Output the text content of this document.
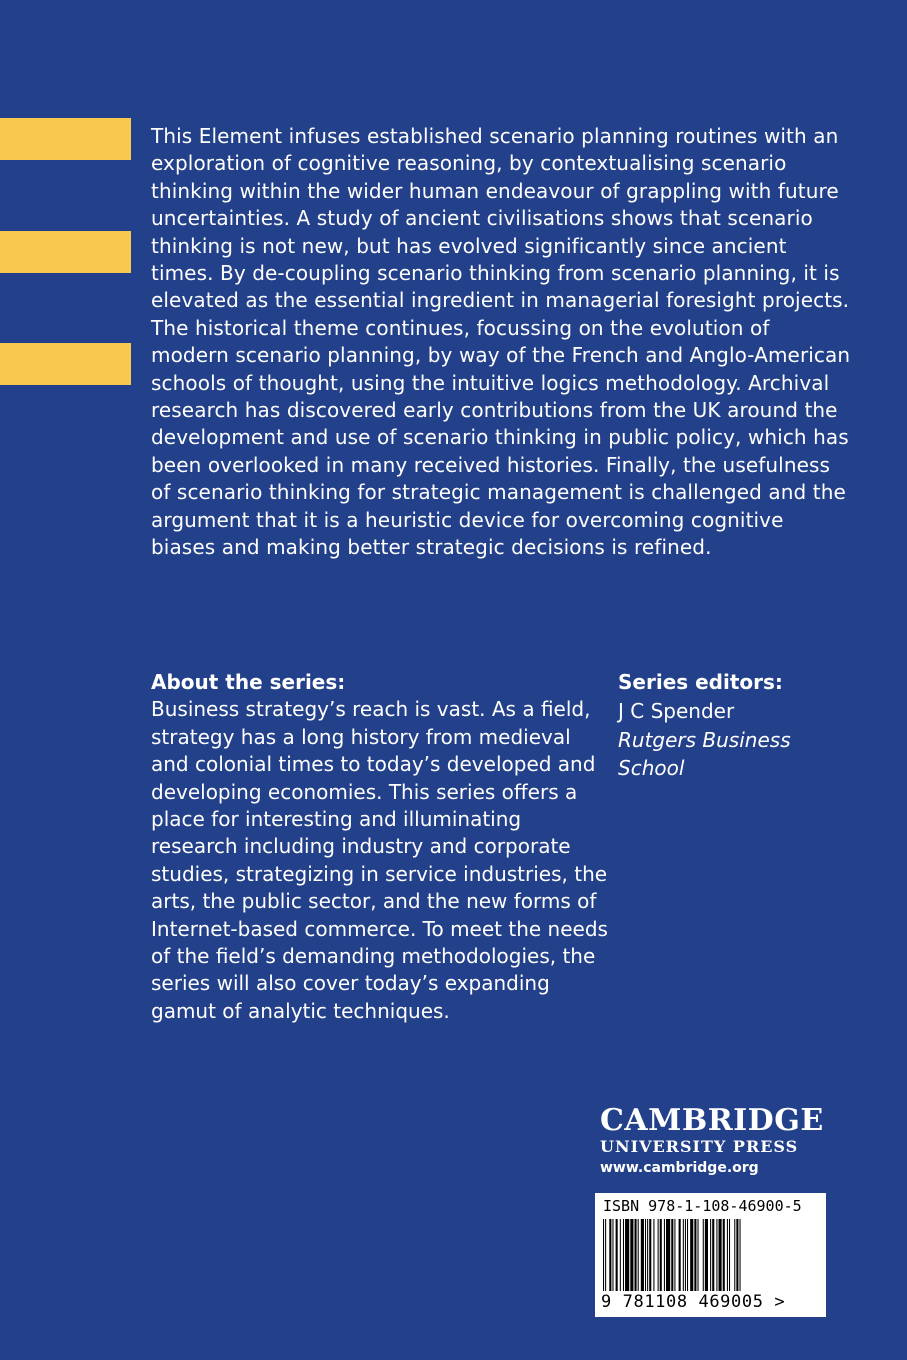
This Element infuses established scenario planning routines with an exploration of cognitive reasoning, by contextualising scenario thinking within the wider human endeavour of grappling with future uncertainties. A study of ancient civilisations shows that scenario thinking is not new, but has evolved significantly since ancient times. By de-coupling scenario thinking from scenario planning, it is elevated as the essential ingredient in managerial foresight projects. The historical theme continues, focussing on the evolution of modern scenario planning, by way of the French and Anglo-American schools of thought, using the intuitive logics methodology. Archival research has discovered early contributions from the UK around the development and use of scenario thinking in public policy, which has been overlooked in many received histories. Finally, the usefulness of scenario thinking for strategic management is challenged and the argument that it is a heuristic device for overcoming cognitive biases and making better strategic decisions is refined.

About the series:

Business strategy’s reach is vast. As a field, strategy has a long history from medieval and colonial times to today’s developed and developing economies. This series offers a place for interesting and illuminating research including industry and corporate studies, strategizing in service industries, the arts, the public sector, and the new forms of Internet-based commerce. To meet the needs of the field’s demanding methodologies, the series will also cover today’s expanding gamut of analytic techniques.

Series editors:

J C Spender

Rutgers Business School

CAMBRIDGE
UNIVERSITY PRESS
www.cambridge.org
ISBN 978-1-108-46900-5
9 781108 469005 >
